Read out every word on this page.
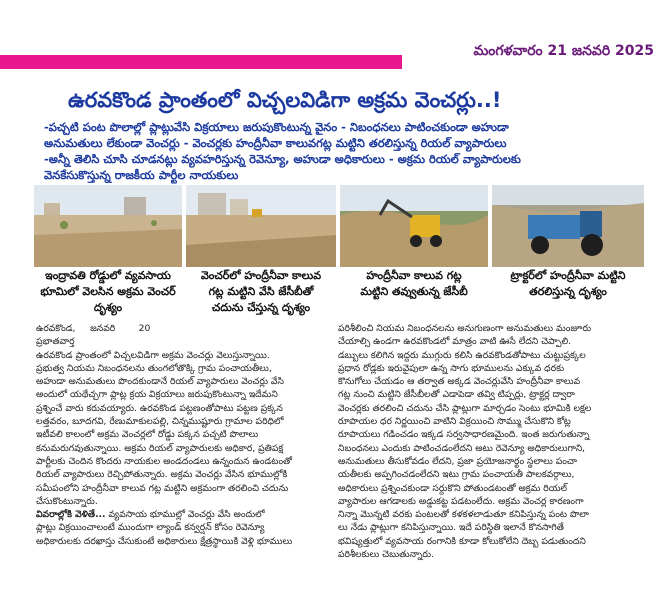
మంగళవారం 21 జనవరి 2025
ఉరవకొండ ప్రాంతంలో విచ్చలవిడిగా అక్రమ వెంచర్లు..!
-పచ్చటి పంట పొలాల్లో ప్లాట్లువేసి విక్రయాలు జరుపుకొంటున్న వైనం - నిబంధనలు పాటించకుండా అహుడా
అనుమతులు లేకుండా వెంచర్లు - వెంచర్లకు హంద్రీనీవా కాలువగట్ల మట్టిని తరలిస్తున్న రియల్ వ్యాపారులు
-అన్నీ తెలిసి చూసి చూడనట్లు వ్యవహరిస్తున్న రెవెన్యూ, అహుడా అధికారులు - అక్రమ రియల్ వ్యాపారులకు
వెనకేసుకొస్తున్న రాజకీయ పార్టీల నాయకులు
ఇంద్రావతి రోడ్డులో వ్యవసాయ
భూమిలో వెలసిన అక్రమ వెంచర్
దృశ్యం
వెంచర్‌లో హంద్రీనీవా కాలువ
గట్ల మట్టిని వేసి జేసీబీతో
చదును చేస్తున్న దృశ్యం
హంద్రీనీవా కాలువ గట్ల
మట్టిని తవ్వుతున్న జేసీబీ
ట్రాక్టర్‌లో హంద్రీనీవా మట్టిని
తరలిస్తున్న దృశ్యం

ఉరవకొండ, జనవరి	20

ప్రభాతవార్త

ఉరవకొండ ప్రాంతంలో విచ్చలవిడిగా అక్రమ వెంచర్లు వెలుస్తున్నాయి.

ప్రభుత్వ నియమ నిబంధనలను తుంగలోతొక్కి గ్రామ పంచాయతీలు,

అహుడా అనుమతులు పొందకుండానే రియల్ వ్యాపారులు వెంచర్లు వేసి

అందులో యథేచ్చగా ప్లాట్ల క్రయ విక్రయాలు జరుపుకొంటున్నా ఇదేమని

ప్రశ్నించే వారు కరువయ్యారు. ఉరవకొండ పట్టణంతోపాటు పట్టణ ప్రక్కన

లత్తవరం, బూదగవి, రేణుమాకులపల్లి, చిన్నముష్టూరు గ్రామాల పరిధిలో

ఇటీవలి కాలంలో అక్రమ వెంచర్లలో రోడ్డు పక్కన పచ్చటి పొలాలు

కనుమరుగవుతున్నాయి. అక్రమ రియల్ వ్యాపారులకు అధికార, ప్రతిపక్ష

పార్టీలకు చెందిన కొందరు నాయకుల అండదండలు ఉన్నందున ఉండటంతో

రియల్ వ్యాపారులు రెచ్చిపోతున్నారు. అక్రమ వెంచర్లు వేసిన భూముల్లోకి

సమీపంలోని హంద్రీనీవా కాలువ గట్ల మట్టిని అక్రమంగా తరలించి చదును

చేసుకొంటున్నారు.

వివరాల్లోకి వెళితే... వ్యవసాయ భూముల్లో వెంచర్లు వేసి అందులో

ప్లాట్లు విక్రయించాలంటే ముందుగా ల్యాండ్ కన్వర్షన్ కోసం రెవెన్యూ

అధికారులకు దరఖాస్తు చేసుకుంటే అధికారులు క్షేత్రస్థాయికి వెళ్లి భూములు

పరిశీలించి నియమ నిబంధనలను అనుగుణంగా అనుమతులు మంజూరు

చేయాల్సి ఉండగా ఉరవకొండలో మాత్రం వాటి ఊసే లేదని చెప్పాలి.

డబ్బులు కలిగిన ఇద్దరు ముగ్గురు కలిసి ఉరవకొండతోపాటు చుట్టుప్రక్కల

ప్రధాన రోడ్లకు ఇరువైపులా ఉన్న సాగు భూములను ఎక్కువ ధరకు

కొనుగోలు చేయడం ఆ తర్వాత అక్కడ వెంచర్లువేసి హంద్రీనీవా కాలువ

గట్ల నుంచి మట్టిని జేసీబీలతో ఎడాపెడా తవ్వి టిప్పర్లు, ట్రాక్టర్ల ద్వారా

వెంచర్లకు తరలించి చదును చేసి ప్లాట్లుగా మార్చడం సెంటు భూమికి లక్షల

రూపాయల ధర నిర్ణయించి వాటిని విక్రయించి సొమ్ము చేసుకొని కోట్ల

రూపాయలు గడించడం ఇక్కడ సర్వసాధారణమైంది. ఇంత జరుగుతున్నా

నిబంధనలు ఎందుకు పాటించడంలేదని అటు రెవెన్యూ అధికారులుగాని,

అనుమతులు తీసుకోవడం లేదని, ప్రజా ప్రయోజనార్థం స్థలాలు పంచా

యతీలకు అప్పగించడంలేదని ఇటు గ్రామ పంచాయతీ పాలకవర్గాలు,

అధికారులు ప్రశ్నించకుండా సర్దుకొని పోతుండటంతో అక్రమ రియల్

వ్యాపారుల ఆగడాలకు అడ్డుకట్ట పడటంలేదు. అక్రమ వెంచర్ల కారణంగా

నిన్నా మొన్నటి వరకు పంటలతో కళకళలాడుతూ కనిపిస్తున్న పంట పొలా

లు నేడు ప్లాట్లుగా కనిపిస్తున్నాయి. ఇదే పరిస్థితి ఇలానే కొనసాగితే

భవిష్యత్తులో వ్యవసాయ రంగానికి కూడా కోలుకోలేని దెబ్బ పడుతుందని

పరిశీలకులు చెబుతున్నారు.
